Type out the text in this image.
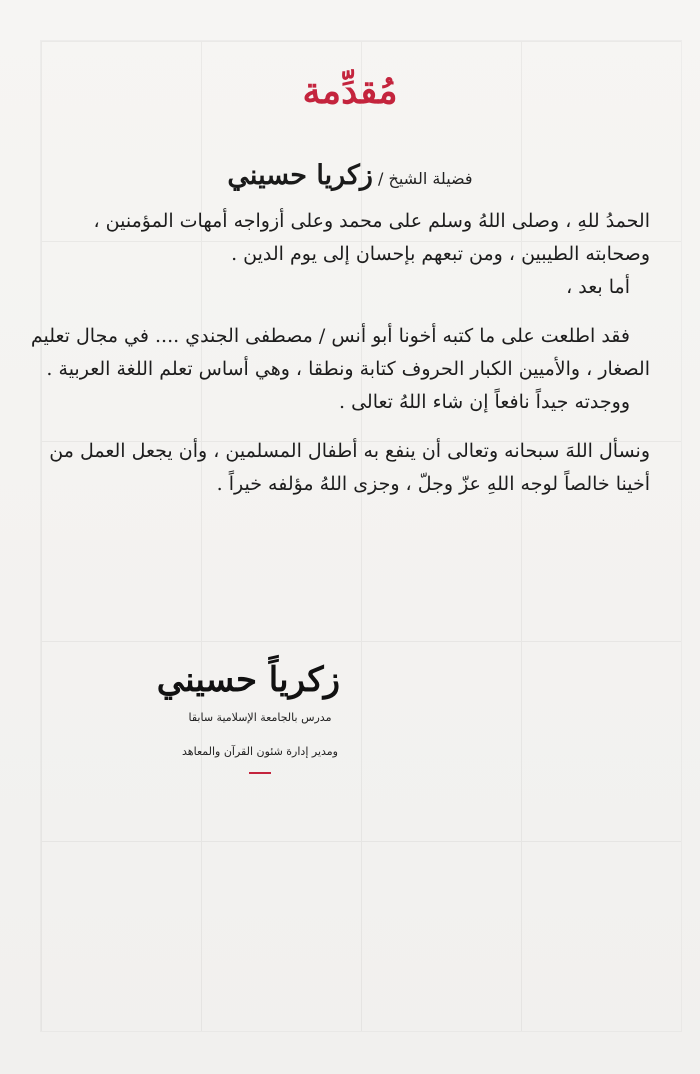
مُقدِّمة
فضيلة الشيخ / زكريا حسيني

الحمدُ للهِ ، وصلى اللهُ وسلم على محمد وعلى أزواجه أمهات المؤمنين ،

وصحابته الطيبين ، ومن تبعهم بإحسان إلى يوم الدين .

أما بعد ،

فقد اطلعت على ما كتبه أخونا أبو أنس / مصطفى الجندي .... في مجال تعليم

الصغار ، والأميين الكبار الحروف كتابة ونطقا ، وهي أساس تعلم اللغة العربية .

ووجدته جيداً نافعاً إن شاء اللهُ تعالى .

ونسأل اللهَ سبحانه وتعالى أن ينفع به أطفال المسلمين ، وأن يجعل العمل من

أخينا خالصاً لوجه اللهِ عزّ وجلّ ، وجزى اللهُ مؤلفه خيراً .

زكرياً حسيني
مدرس بالجامعة الإسلامية سابقا
ومدير إدارة شئون القرآن والمعاهد
